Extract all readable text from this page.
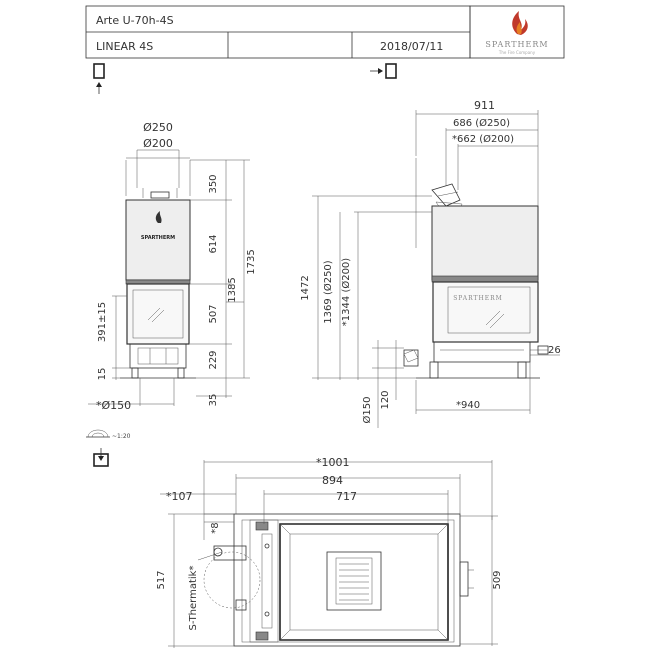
Arte U-70h-4S
LINEAR 4S	2018/07/11	SPARTHERM
The Fire Company
SPARTHERM
Ø250
Ø200
350
614
507
229
35
1385
1735
391±15
15
*Ø150
SPARTHERM
911
686 (Ø250)
*662 (Ø200)
1472 1369 (Ø250) *1344 (Ø200)
Ø150 120
26
*940
~1:20
S-Thermatik*
*1001
894
717
*107
*8
517	509
